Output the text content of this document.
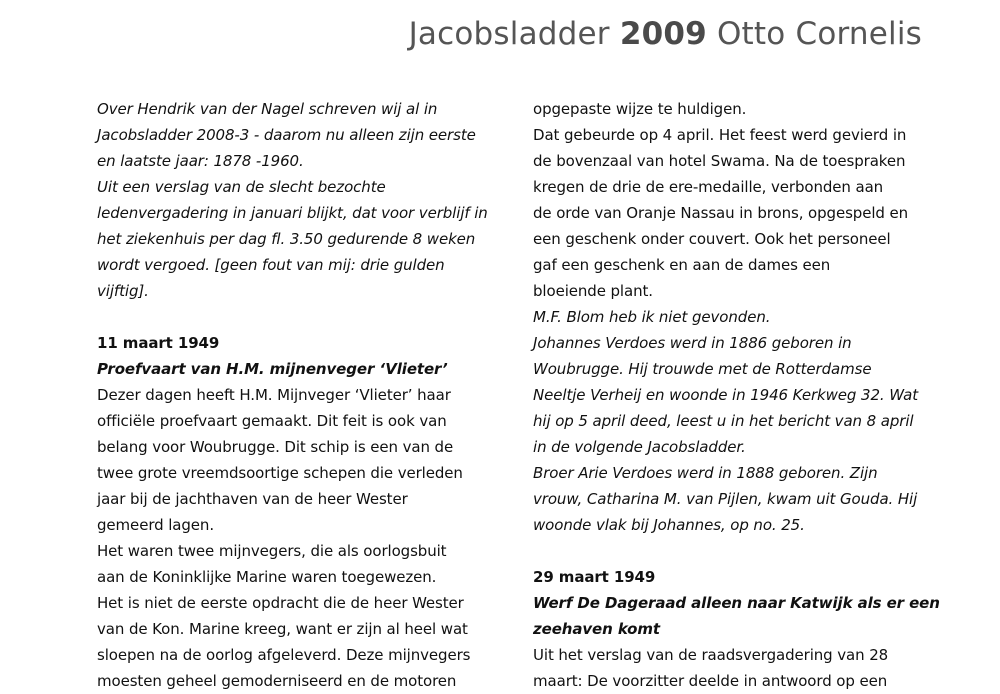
Jacobsladder 2009 Otto Cornelis
Over Hendrik van der Nagel schreven wij al in
Jacobsladder 2008-3 - daarom nu alleen zijn eerste
en laatste jaar: 1878 -1960.
Uit een verslag van de slecht bezochte
ledenvergadering in januari blijkt, dat voor verblijf in
het ziekenhuis per dag fl. 3.50 gedurende 8 weken
wordt vergoed. [geen fout van mij: drie gulden
vijftig].
11 maart 1949
Proefvaart van H.M. mijnenveger ‘Vlieter’
Dezer dagen heeft H.M. Mijnveger ‘Vlieter’ haar
officiële proefvaart gemaakt. Dit feit is ook van
belang voor Woubrugge. Dit schip is een van de
twee grote vreemdsoortige schepen die verleden
jaar bij de jachthaven van de heer Wester
gemeerd lagen.
Het waren twee mijnvegers, die als oorlogsbuit
aan de Koninklijke Marine waren toegewezen.
Het is niet de eerste opdracht die de heer Wester
van de Kon. Marine kreeg, want er zijn al heel wat
sloepen na de oorlog afgeleverd. Deze mijnvegers
moesten geheel gemoderniseerd en de motoren
opgepaste wijze te huldigen.
Dat gebeurde op 4 april. Het feest werd gevierd in
de bovenzaal van hotel Swama. Na de toespraken
kregen de drie de ere-medaille, verbonden aan
de orde van Oranje Nassau in brons, opgespeld en
een geschenk onder couvert. Ook het personeel
gaf een geschenk en aan de dames een
bloeiende plant.
M.F. Blom heb ik niet gevonden.
Johannes Verdoes werd in 1886 geboren in
Woubrugge. Hij trouwde met de Rotterdamse
Neeltje Verheij en woonde in 1946 Kerkweg 32. Wat
hij op 5 april deed, leest u in het bericht van 8 april
in de volgende Jacobsladder.
Broer Arie Verdoes werd in 1888 geboren. Zijn
vrouw, Catharina M. van Pijlen, kwam uit Gouda. Hij
woonde vlak bij Johannes, op no. 25.
29 maart 1949
Werf De Dageraad alleen naar Katwijk als er een
zeehaven komt
Uit het verslag van de raadsvergadering van 28
maart: De voorzitter deelde in antwoord op een
